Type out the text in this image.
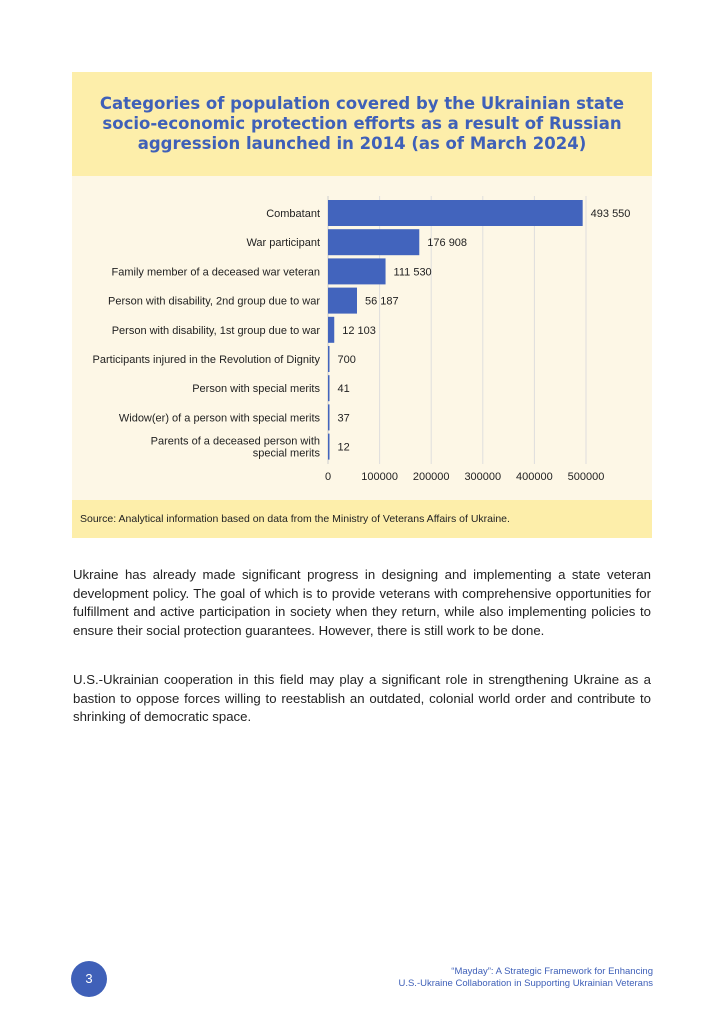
Categories of population covered by the Ukrainian state socio-economic protection efforts as a result of Russian aggression launched in 2014 (as of March 2024)
Combatant
War participant
Family member of a deceased war veteran
Person with disability, 2nd group due to war
Person with disability, 1st group due to war
Participants injured in the Revolution of Dignity
Person with special merits
Widow(er) of a person with special merits
Parents of a deceased person with special merits
493 550
176 908
111 530
56 187
12 103
700
41
37
12
0	100000 200000 300000 400000 500000
Source: Analytical information based on data from the Ministry of Veterans Affairs of Ukraine.

Ukraine has already made significant progress in designing and implementing a state veteran development policy. The goal of which is to provide veterans with comprehensive opportunities for fulfillment and active participation in society when they return, while also implementing policies to ensure their social protection guarantees. However, there is still work to be done.

U.S.-Ukrainian cooperation in this field may play a significant role in strengthening Ukraine as a bastion to oppose forces willing to reestablish an outdated, colonial world order and contribute to shrinking of democratic space.

3	“Mayday”: A Strategic Framework for Enhancing
U.S.-Ukraine Collaboration in Supporting Ukrainian Veterans
